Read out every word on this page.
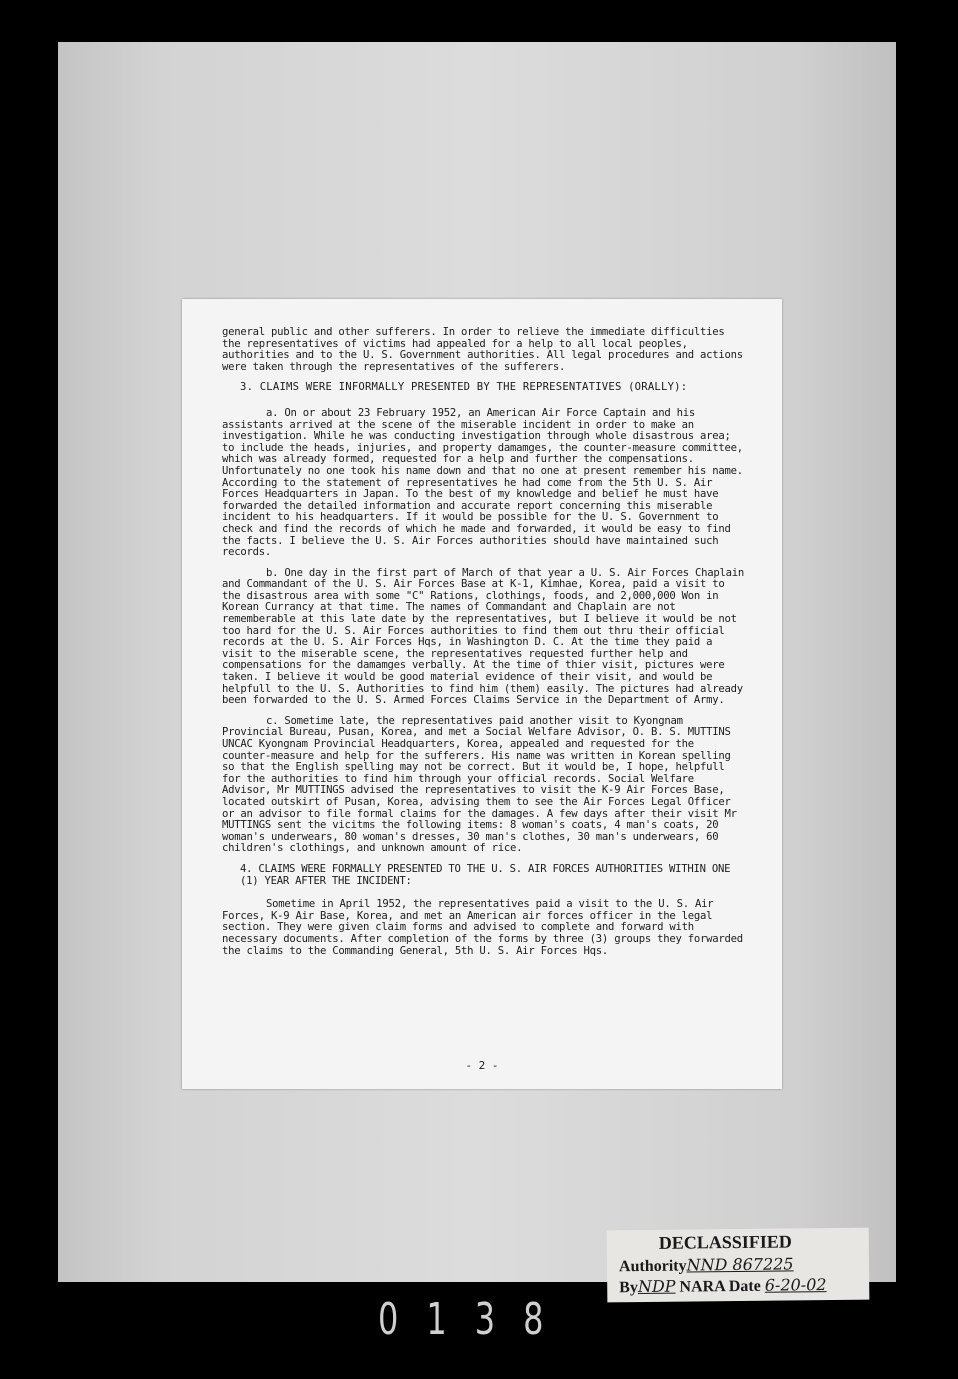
general public and other sufferers. In order to relieve the immediate difficulties the representatives of victims had appealed for a help to all local peoples, authorities and to the U. S. Government authorities. All legal procedures and actions were taken through the representatives of the sufferers.

3. CLAIMS WERE INFORMALLY PRESENTED BY THE REPRESENTATIVES (ORALLY):

a. On or about 23 February 1952, an American Air Force Captain and his assistants arrived at the scene of the miserable incident in order to make an investigation. While he was conducting investigation through whole disastrous area; to include the heads, injuries, and property damamges, the counter-measure committee, which was already formed, requested for a help and further the compensations. Unfortunately no one took his name down and that no one at present remember his name. According to the statement of representatives he had come from the 5th U. S. Air Forces Headquarters in Japan. To the best of my knowledge and belief he must have forwarded the detailed information and accurate report concerning this miserable incident to his headquarters. If it would be possible for the U. S. Government to check and find the records of which he made and forwarded, it would be easy to find the facts. I believe the U. S. Air Forces authorities should have maintained such records.

b. One day in the first part of March of that year a U. S. Air Forces Chaplain and Commandant of the U. S. Air Forces Base at K-1, Kimhae, Korea, paid a visit to the disastrous area with some "C" Rations, clothings, foods, and 2,000,000 Won in Korean Currancy at that time. The names of Commandant and Chaplain are not rememberable at this late date by the representatives, but I believe it would be not too hard for the U. S. Air Forces authorities to find them out thru their official records at the U. S. Air Forces Hqs, in Washington D. C. At the time they paid a visit to the miserable scene, the representatives requested further help and compensations for the damamges verbally. At the time of thier visit, pictures were taken. I believe it would be good material evidence of their visit, and would be helpfull to the U. S. Authorities to find him (them) easily. The pictures had already been forwarded to the U. S. Armed Forces Claims Service in the Department of Army.

c. Sometime late, the representatives paid another visit to Kyongnam Provincial Bureau, Pusan, Korea, and met a Social Welfare Advisor, O. B. S. MUTTINS UNCAC Kyongnam Provincial Headquarters, Korea, appealed and requested for the counter-measure and help for the sufferers. His name was written in Korean spelling so that the English spelling may not be correct. But it would be, I hope, helpfull for the authorities to find him through your official records. Social Welfare Advisor, Mr MUTTINGS advised the representatives to visit the K-9 Air Forces Base, located outskirt of Pusan, Korea, advising them to see the Air Forces Legal Officer or an advisor to file formal claims for the damages. A few days after their visit Mr MUTTINGS sent the vicitms the following items: 8 woman's coats, 4 man's coats, 20 woman's underwears, 80 woman's dresses, 30 man's clothes, 30 man's underwears, 60 children's clothings, and unknown amount of rice.

4. CLAIMS WERE FORMALLY PRESENTED TO THE U. S. AIR FORCES AUTHORITIES WITHIN ONE (1) YEAR AFTER THE INCIDENT:

Sometime in April 1952, the representatives paid a visit to the U. S. Air Forces, K-9 Air Base, Korea, and met an American air forces officer in the legal section. They were given claim forms and advised to complete and forward with necessary documents. After completion of the forms by three (3) groups they forwarded the claims to the Commanding General, 5th U. S. Air Forces Hqs.

- 2 -
DECLASSIFIED
AuthorityNND 867225
ByNDP NARA Date 6-20-02
0138
